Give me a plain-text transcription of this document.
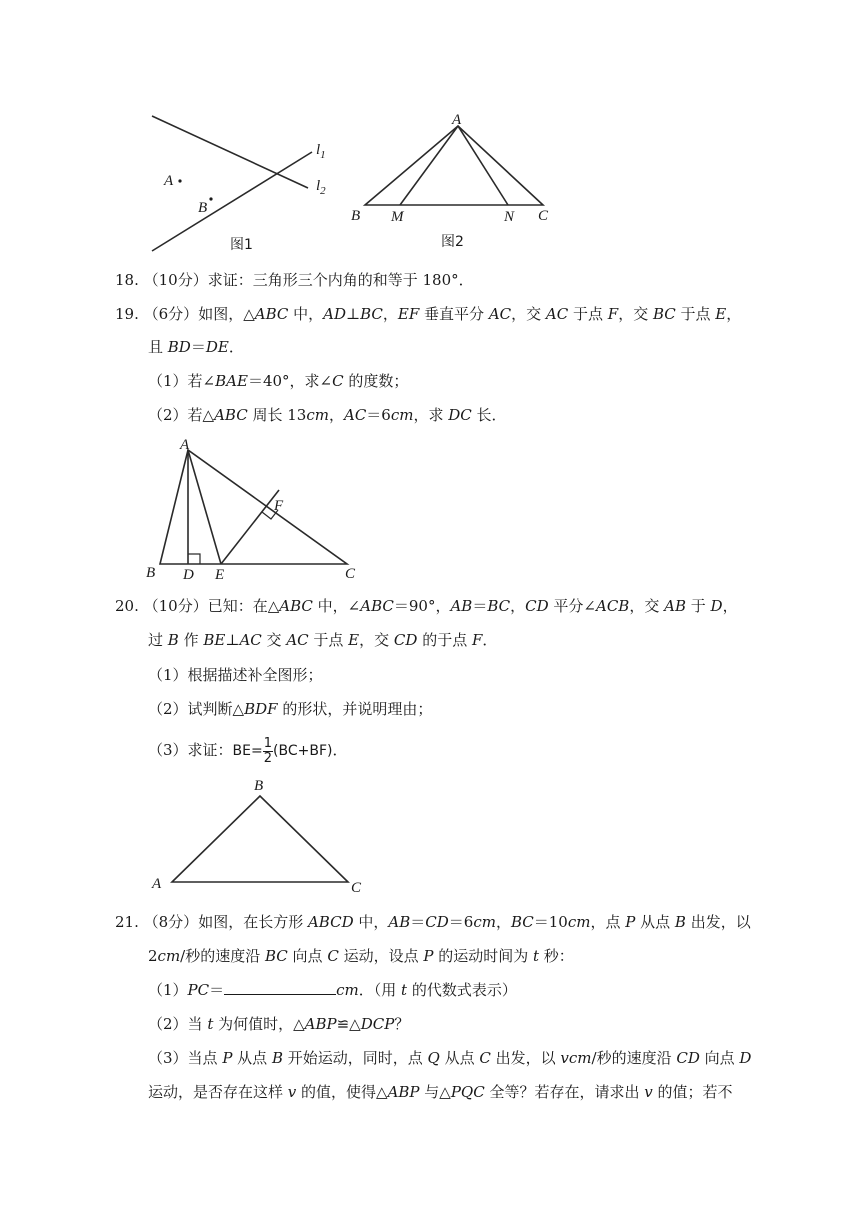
$l_1$
$l_2$
A
B
图1
A
B M	N C
图2
18. （10分）求证：三角形三个内角的和等于 180°．
19. （6分）如图，△ABC 中，AD⊥BC，EF 垂直平分 AC，交 AC 于点 F，交 BC 于点 E，
且 BD＝DE．
（1）若∠BAE＝40°，求∠C 的度数；
（2）若△ABC 周长 13cm，AC＝6cm，求 DC 长．
A
B D E	C
F
20. （10分）已知：在△ABC 中，∠ABC＝90°，AB＝BC，CD 平分∠ACB，交 AB 于 D，
过 B 作 BE⊥AC 交 AC 于点 E，交 CD 的于点 F．
（1）根据描述补全图形；
（2）试判断△BDF 的形状，并说明理由；
（3）求证：$BE= \frac{1}{2} (BC+BF)$．
B
A	C
21. （8分）如图，在长方形 ABCD 中，AB＝CD＝6cm，BC＝10cm，点 P 从点 B 出发，以
2cm/秒的速度沿 BC 向点 C 运动，设点 P 的运动时间为 t 秒：
（1）PC＝	cm．（用 t 的代数式表示）
（2）当 t 为何值时，△ABP≌△DCP？
（3）当点 P 从点 B 开始运动，同时，点 Q 从点 C 出发，以 vcm/秒的速度沿 CD 向点 D
运动，是否存在这样 v 的值，使得△ABP 与△PQC 全等？若存在，请求出 v 的值；若不
